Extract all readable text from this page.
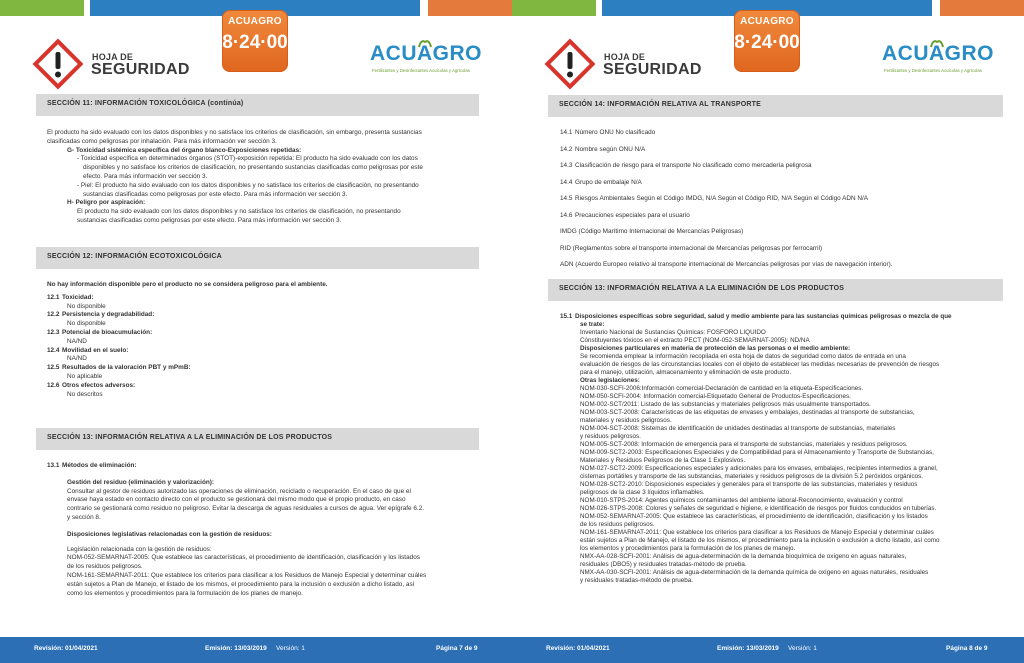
HOJA DE
SEGURIDAD
ACUAGRO
8·24·00	ACUAGRO
Fertilizantes y Desinfectantes Acuícolas y Agrícolas
SECCIÓN 11: INFORMACIÓN TOXICOLÓGICA (continúa)
El producto ha sido evaluado con los datos disponibles y no satisface los criterios de clasificación, sin embargo, presenta sustancias
clasificadas como peligrosas por inhalación. Para más información ver sección 3.
G- Toxicidad sistémica específica del órgano blanco-Exposiciones repetidas:
- Toxicidad específica en determinados órganos (STOT)-exposición repetida: El producto ha sido evaluado con los datos
disponibles y no satisface los criterios de clasificación, no presentando sustancias clasificadas como peligrosas por este
efecto. Para más información ver sección 3.
- Piel: El producto ha sido evaluado con los datos disponibles y no satisface los criterios de clasificación, no presentando
sustancias clasificadas como peligrosas por este efecto. Para más información ver sección 3.
H- Peligro por aspiración:
El producto ha sido evaluado con los datos disponibles y no satisface los criterios de clasificación, no presentando
sustancias clasificadas como peligrosas por este efecto. Para más información ver sección 3.
SECCIÓN 12: INFORMACIÓN ECOTOXICOLÓGICA
No hay información disponible pero el producto no se considera peligroso para el ambiente.
12.1 Toxicidad:
No disponible
12.2 Persistencia y degradabilidad:
No disponible
12.3 Potencial de bioacumulación:
NA/ND
12.4 Movilidad en el suelo:
NA/ND
12.5 Resultados de la valoración PBT y mPmB:
No aplicable
12.6 Otros efectos adversos:
No descritos
SECCIÓN 13: INFORMACIÓN RELATIVA A LA ELIMINACIÓN DE LOS PRODUCTOS
13.1 Métodos de eliminación:
Gestión del residuo (eliminación y valorización):
Consultar al gestor de residuos autorizado las operaciones de eliminación, reciclado o recuperación. En el caso de que el
envase haya estado en contacto directo con el producto se gestionará del mismo modo que el propio producto, en caso
contrario se gestionará como residuo no peligroso. Evitar la descarga de aguas residuales a cursos de agua. Ver epígrafe 6.2.
y sección 8.
Disposiciones legislativas relacionadas con la gestión de residuos:
Legislación relacionada con la gestión de residuos:
NOM-052-SEMARNAT-2005: Que establece las características, el procedimiento de identificación, clasificación y los listados
de los residuos peligrosos.
NOM-161-SEMARNAT-2011: Que establece los criterios para clasificar a los Residuos de Manejo Especial y determinar cuáles
están sujetos a Plan de Manejo, el listado de los mismos, el procedimiento para la inclusión o exclusión a dicho listado, así
como los elementos y procedimientos para la formulación de los planes de manejo.
Revisión: 01/04/2021	Emisión: 13/03/2019 Versión: 1	Página 7 de 9
HOJA DE
SEGURIDAD
ACUAGRO
8·24·00	ACUAGRO
Fertilizantes y Desinfectantes Acuícolas y Agrícolas
SECCIÓN 14: INFORMACIÓN RELATIVA AL TRANSPORTE
14.1 Número ONU No clasificado
14.2 Nombre según ONU N/A
14.3 Clasificación de riesgo para el transporte No clasificado como mercadería peligrosa
14.4 Grupo de embalaje N/A
14.5 Riesgos Ambientales Según el Código IMDG, N/A Según el Código RID, N/A Según el Código ADN N/A
14.6 Precauciones especiales para el usuario
IMDG (Código Marítimo Internacional de Mercancías Peligrosas)
RID (Reglamentos sobre el transporte internacional de Mercancías peligrosas por ferrocarril)
ADN (Acuerdo Europeo relativo al transporte internacional de Mercancías peligrosas por vías de navegación interior).
SECCIÓN 13: INFORMACIÓN RELATIVA A LA ELIMINACIÓN DE LOS PRODUCTOS
15.1 Disposiciones específicas sobre seguridad, salud y medio ambiente para las sustancias químicas peligrosas o mezcla de que
se trate:
Inventario Nacional de Sustancias Químicas: FOSFORO LIQUIDO
Cónstituyentes tóxicos en el extracto PECT (NOM-052-SEMARNAT-2005): ND/NA
Disposiciones particulares en materia de protección de las personas o el medio ambiente:
Se recomienda emplear la información recopilada en esta hoja de datos de seguridad como datos de entrada en una
evaluación de riesgos de las circunstancias locales con el objeto de establecer las medidas necesarias de prevención de riesgos
para el manejo, utilización, almacenamiento y eliminación de este producto.
Otras legislaciones:
NOM-030-SCFI-2006:Información comercial-Declaración de cantidad en la etiqueta-Especificaciones.
NOM-050-SCFI-2004: Información comercial-Etiquetado General de Productos-Especificaciones.
NOM-002-SCT/2011: Listado de las substancias y materiales peligrosos más usualmente transportados.
NOM-003-SCT-2008: Características de las etiquetas de envases y embalajes, destinadas al transporte de substancias,
materiales y residuos peligrosos.
NOM-004-SCT-2008: Sistemas de identificación de unidades destinadas al transporte de substancias, materiales
y residuos peligrosos.
NOM-005-SCT-2008: Información de emergencia para el transporte de substancias, materiales y residuos peligrosos.
NOM-009-SCT2-2003: Especificaciones Especiales y de Compatibilidad para el Almacenamiento y Transporte de Substancias,
Materiales y Residuos Peligrosos de la Clase 1 Explosivos.
NOM-027-SCT2-2009: Especificaciones especiales y adicionales para los envases, embalajes, recipientes intermedios a granel,
cisternas portátiles y transporte de las substancias, materiales y residuos peligrosos de la división 5.2 peróxidos orgánicos.
NOM-028-SCT2-2010: Disposiciones especiales y generales para el transporte de las substancias, materiales y residuos
peligrosos de la clase 3 líquidos inflamables.
NOM-010-STPS-2014: Agentes químicos contaminantes del ambiente laboral-Reconocimiento, evaluación y control
NOM-026-STPS-2008: Colores y señales de seguridad e higiene, e identificación de riesgos por fluidos conducidos en tuberías.
NOM-052-SEMARNAT-2005: Que establece las características, el procedimiento de identificación, clasificación y los listados
de los residuos peligrosos.
NOM-161-SEMARNAT-2011: Que establece los criterios para clasificar a los Residuos de Manejo Especial y determinar cuáles
están sujetos a Plan de Manejo, el listado de los mismos, el procedimiento para la inclusión o exclusión a dicho listado, así como
los elementos y procedimientos para la formulación de los planes de manejo.
NMX-AA-028-SCFI-2001: Análisis de agua-determinación de la demanda bioquímica de oxígeno en aguas naturales,
residuales (DBO5) y residuales tratadas-método de prueba.
NMX-AA-030-SCFI-2001: Análisis de agua-determinación de la demanda química de oxígeno en aguas naturales, residuales
y residuales tratadas-método de prueba.
Revisión: 01/04/2021	Emisión: 13/03/2019 Versión: 1	Página 8 de 9
